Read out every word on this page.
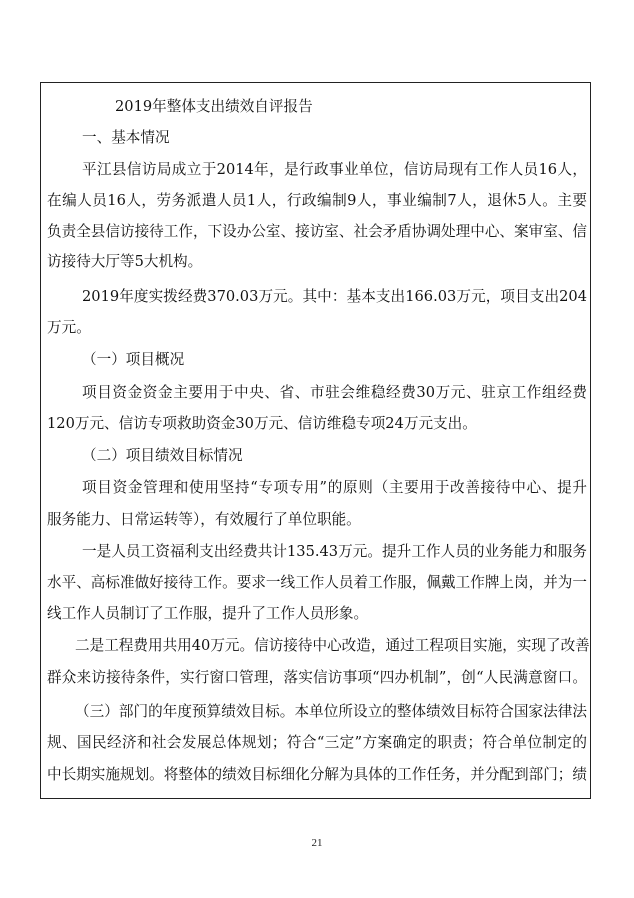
2019年整体支出绩效自评报告
一、基本情况
平江县信访局成立于2014年，是行政事业单位，信访局现有工作人员16人，
在编人员16人，劳务派遣人员1人，行政编制9人，事业编制7人，退休5人。主要
负责全县信访接待工作，下设办公室、接访室、社会矛盾协调处理中心、案审室、信
访接待大厅等5大机构。
2019年度实拨经费370.03万元。其中：基本支出166.03万元，项目支出204
万元。
（一）项目概况
项目资金资金主要用于中央、省、市驻会维稳经费30万元、驻京工作组经费
120万元、信访专项救助资金30万元、信访维稳专项24万元支出。
（二）项目绩效目标情况
项目资金管理和使用坚持“专项专用”的原则（主要用于改善接待中心、提升
服务能力、日常运转等），有效履行了单位职能。
一是人员工资福利支出经费共计135.43万元。提升工作人员的业务能力和服务
水平、高标准做好接待工作。要求一线工作人员着工作服，佩戴工作牌上岗，并为一
线工作人员制订了工作服，提升了工作人员形象。
二是工程费用共用40万元。信访接待中心改造，通过工程项目实施，实现了改善
群众来访接待条件，实行窗口管理，落实信访事项“四办机制”，创“人民满意窗口。
（三）部门的年度预算绩效目标。本单位所设立的整体绩效目标符合国家法律法
规、国民经济和社会发展总体规划；符合“三定”方案确定的职责；符合单位制定的
中长期实施规划。将整体的绩效目标细化分解为具体的工作任务，并分配到部门；绩
21
